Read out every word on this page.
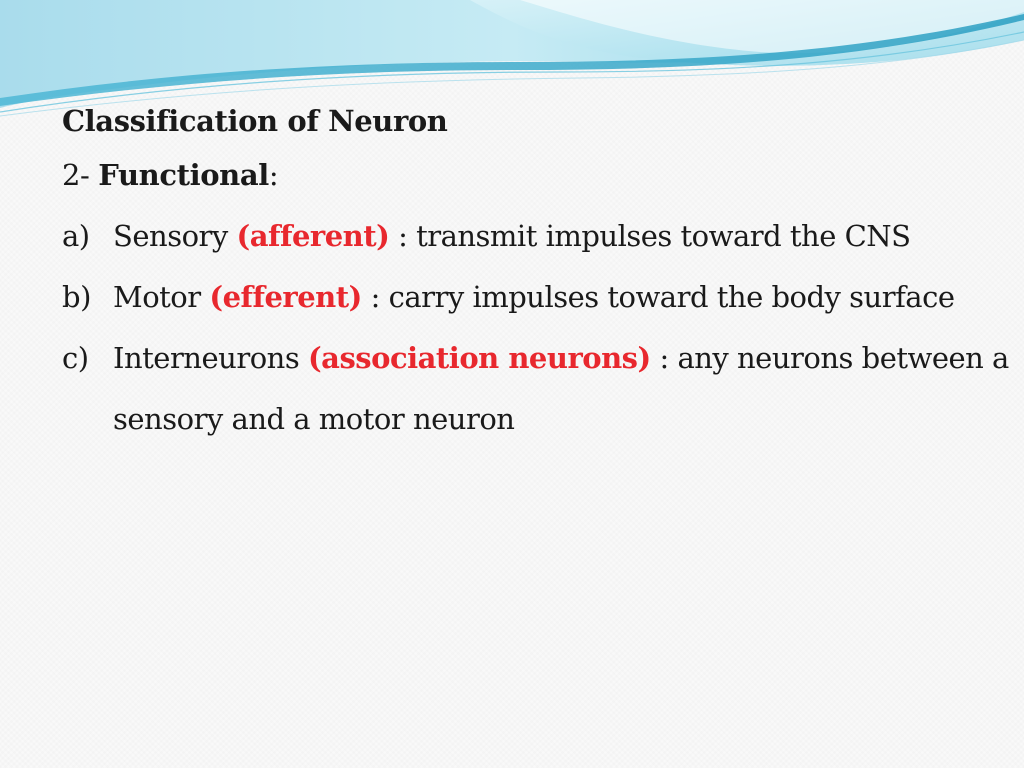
Classification of Neuron
2- Functional :
a) Sensory (afferent) : transmit impulses toward the CNS
b) Motor (efferent) : carry impulses toward the body surface
c) Interneurons (association neurons) : any neurons between a sensory and a motor neuron
